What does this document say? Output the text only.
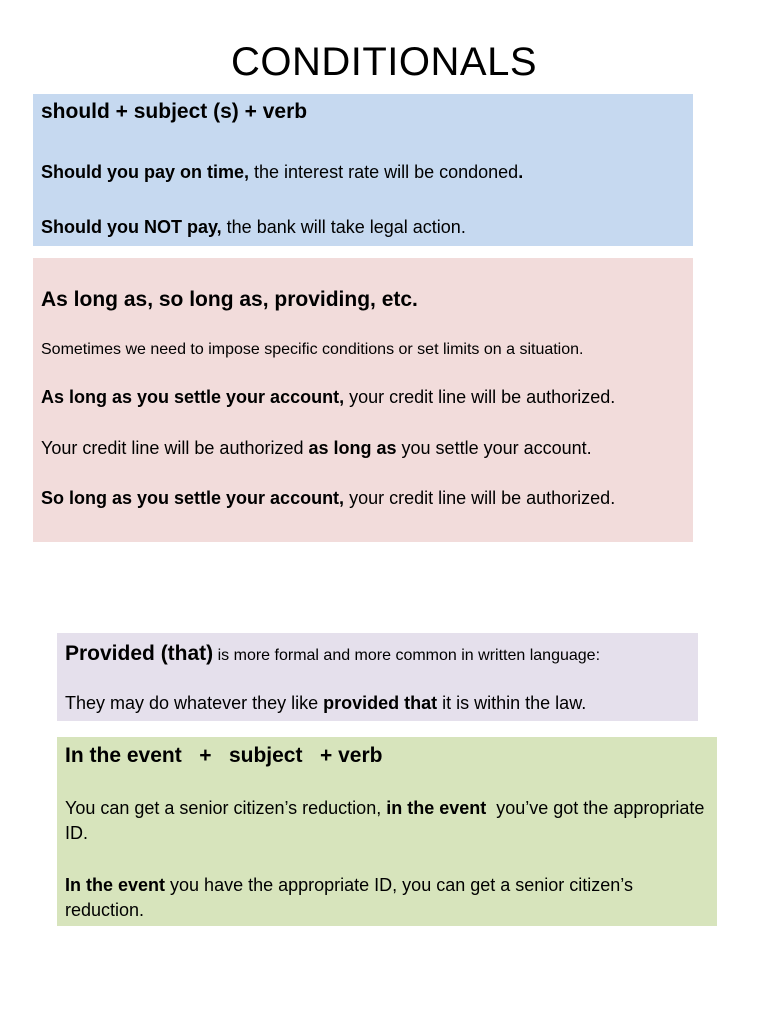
CONDITIONALS

should + subject (s) + verb

Should you pay on time, the interest rate will be condoned.

Should you NOT pay, the bank will take legal action.

As long as, so long as, providing, etc.

Sometimes we need to impose specific conditions or set limits on a situation.

As long as you settle your account, your credit line will be authorized.

Your credit line will be authorized as long as you settle your account.

So long as you settle your account, your credit line will be authorized.

Provided (that) is more formal and more common in written language:

They may do whatever they like provided that it is within the law.

In the event   +   subject   + verb

You can get a senior citizen’s reduction, in the event  you’ve got the appropriate ID.

In the event you have the appropriate ID, you can get a senior citizen’s reduction.
